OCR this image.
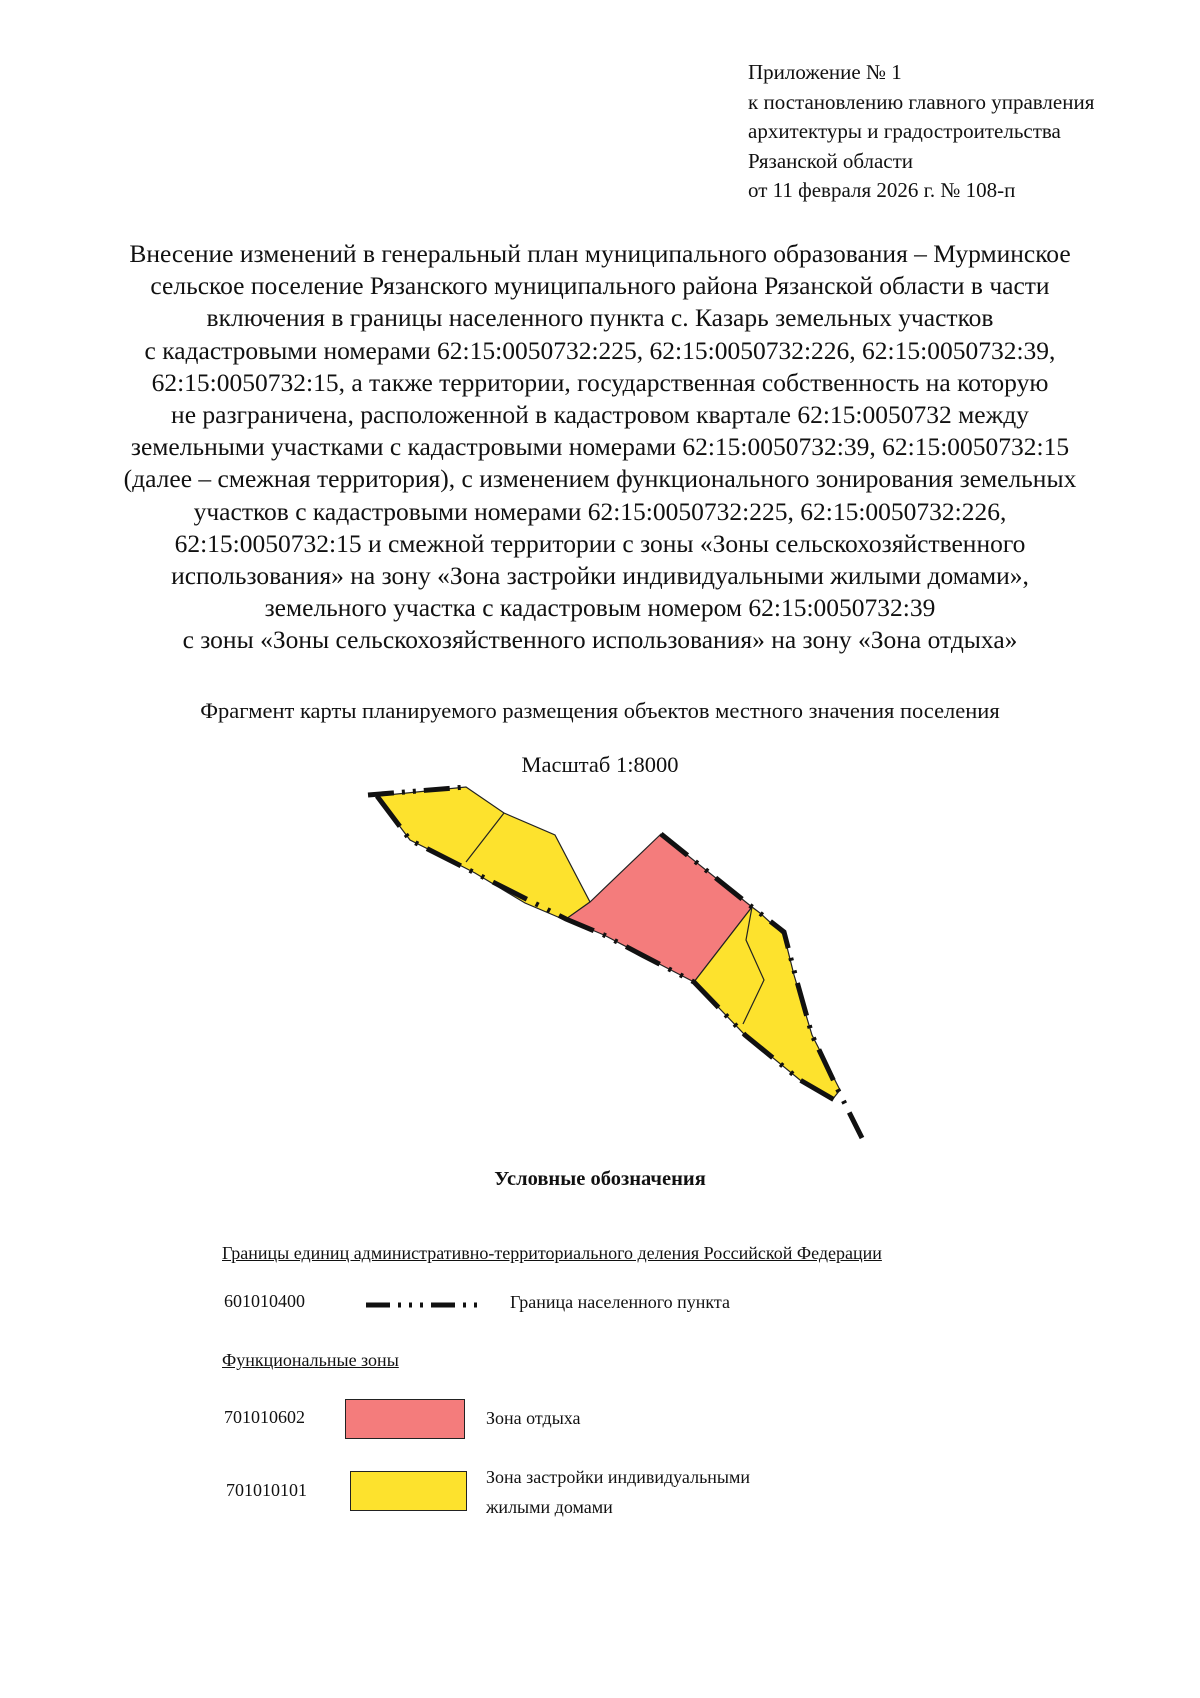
Приложение № 1
к постановлению главного управления
архитектуры и градостроительства
Рязанской области
от 11 февраля 2026 г. № 108-п
Внесение изменений в генеральный план муниципального образования – Мурминское
сельское поселение Рязанского муниципального района Рязанской области в части
включения в границы населенного пункта с. Казарь земельных участков
с кадастровыми номерами 62:15:0050732:225, 62:15:0050732:226, 62:15:0050732:39,
62:15:0050732:15, а также территории, государственная собственность на которую
не разграничена, расположенной в кадастровом квартале 62:15:0050732 между
земельными участками с кадастровыми номерами 62:15:0050732:39, 62:15:0050732:15
(далее – смежная территория), с изменением функционального зонирования земельных
участков с кадастровыми номерами 62:15:0050732:225, 62:15:0050732:226,
62:15:0050732:15 и смежной территории с зоны «Зоны сельскохозяйственного
использования» на зону «Зона застройки индивидуальными жилыми домами»,
земельного участка с кадастровым номером 62:15:0050732:39
с зоны «Зоны сельскохозяйственного использования» на зону «Зона отдыха»
Фрагмент карты планируемого размещения объектов местного значения поселения
Масштаб 1:8000
Условные обозначения
Границы единиц административно-территориального деления Российской Федерации
601010400	Граница населенного пункта
Функциональные зоны
701010602	Зона отдыха
701010101
Зона застройки индивидуальными
жилыми домами
